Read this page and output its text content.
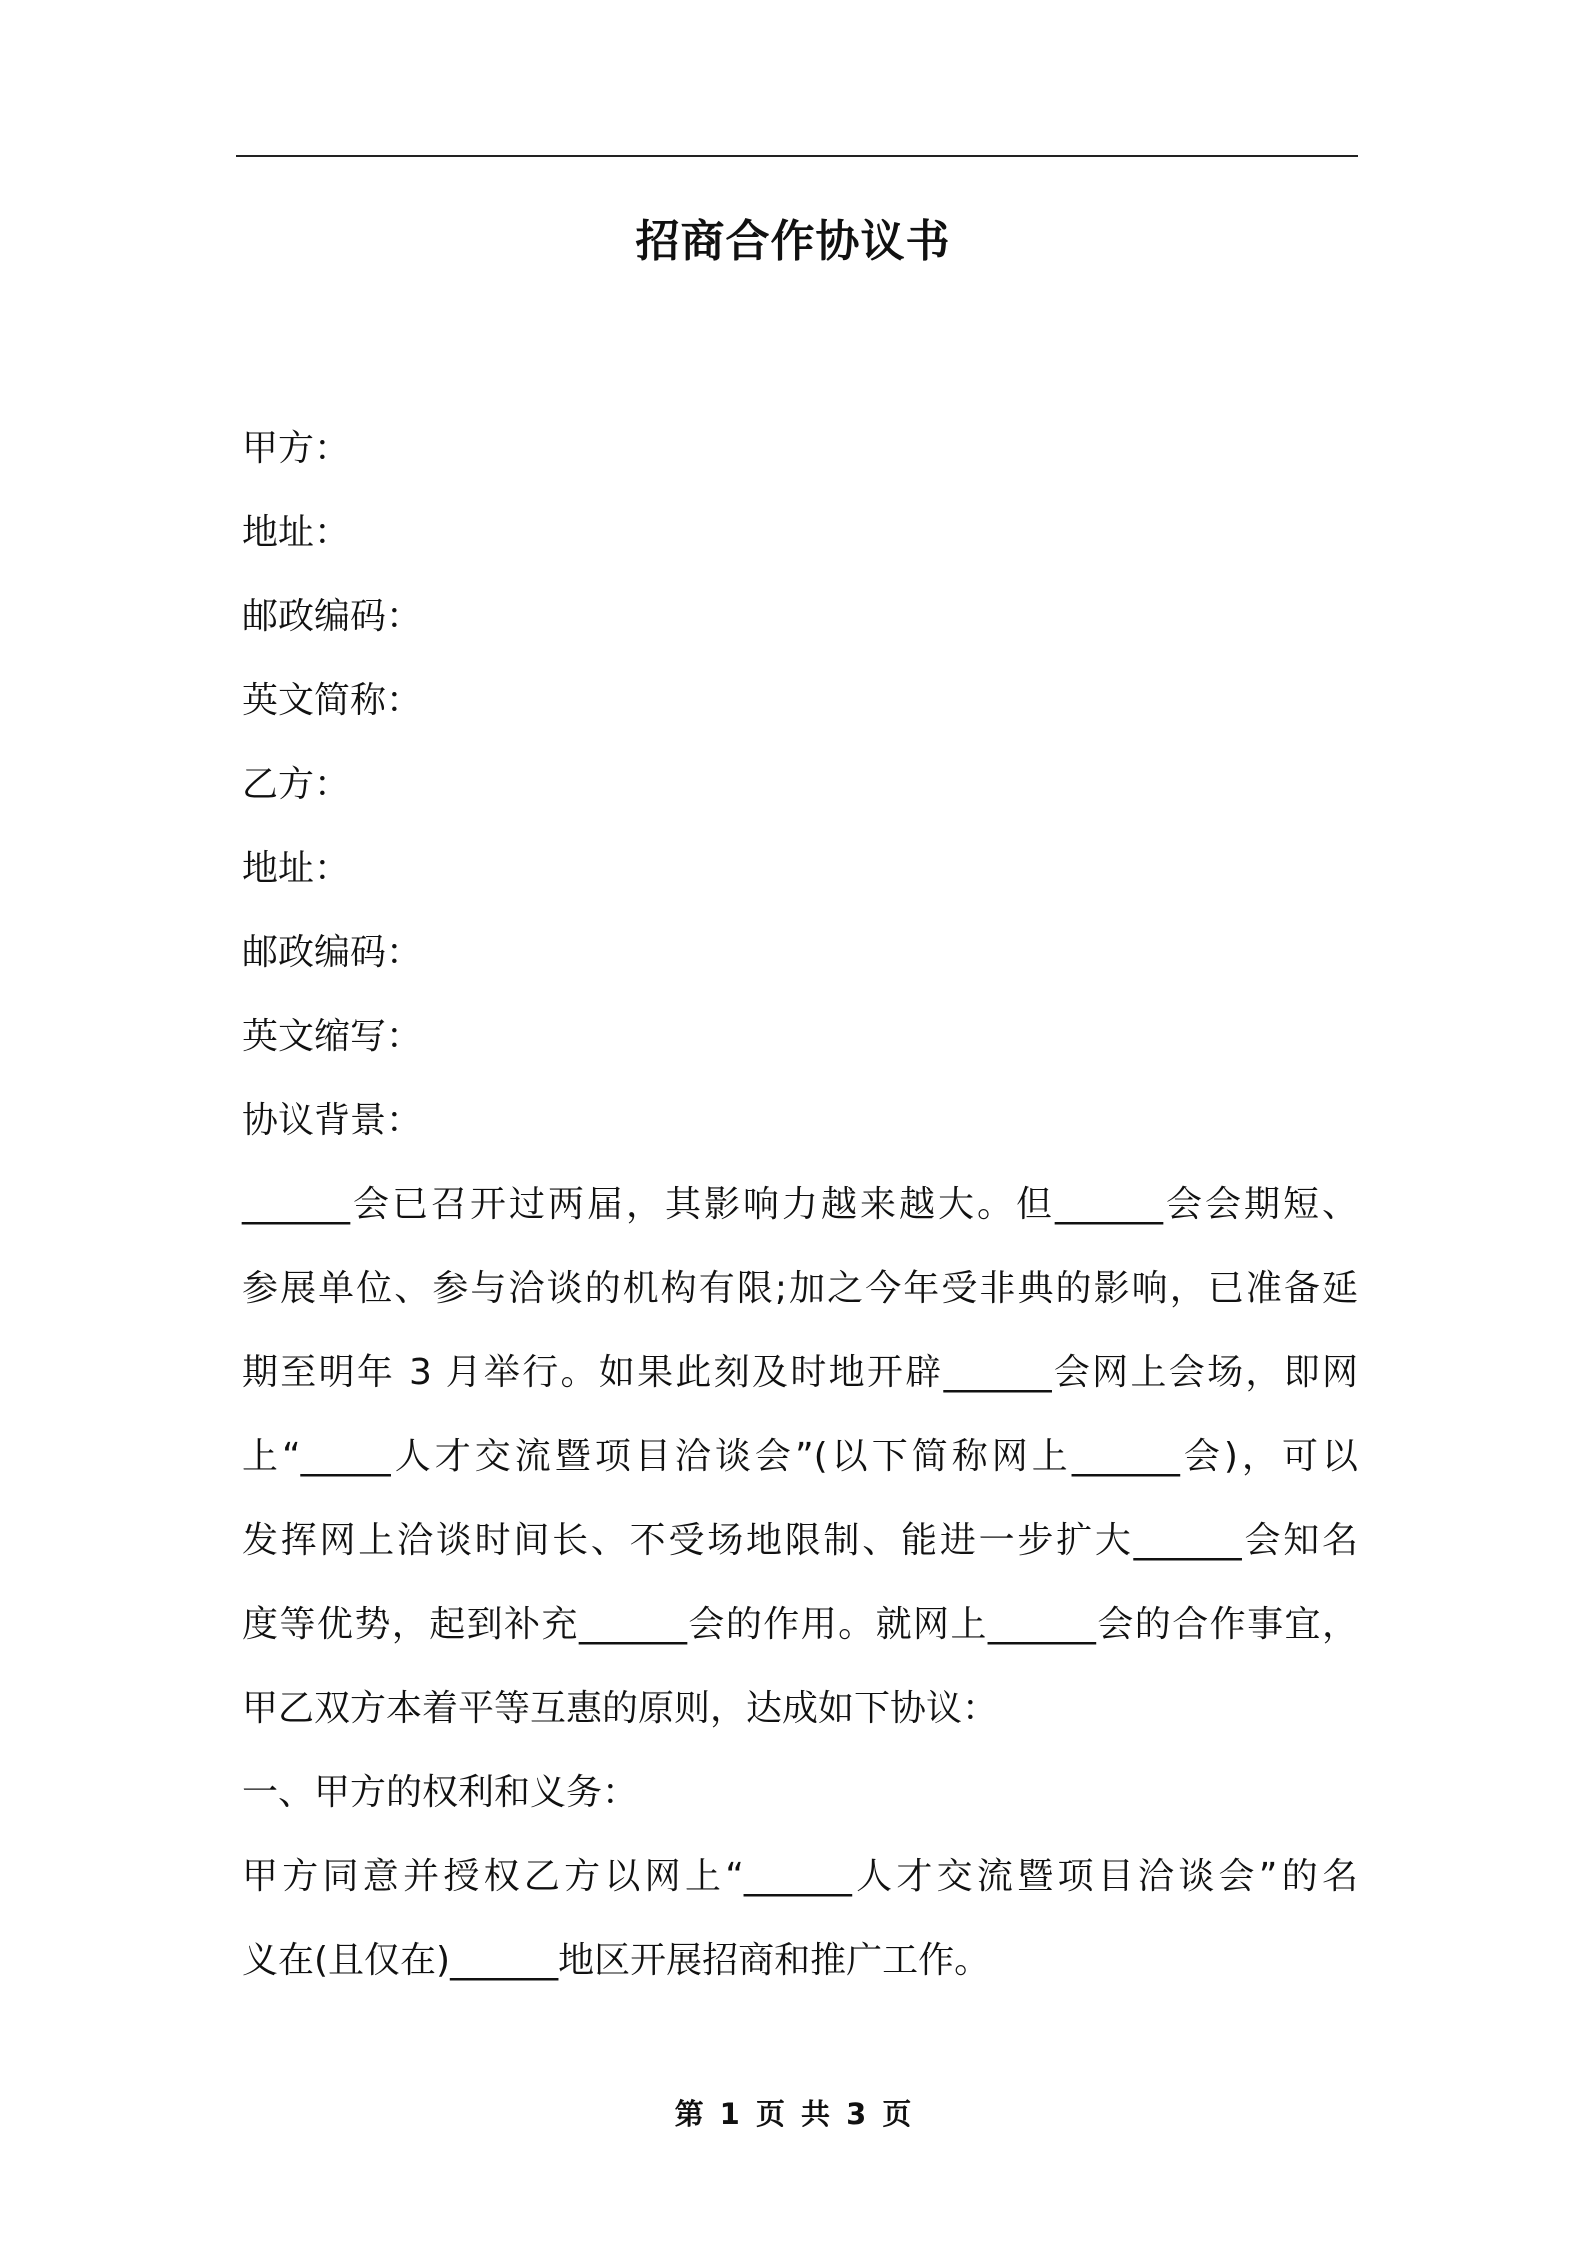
招商合作协议书
甲方：
地址：
邮政编码：
英文简称：
乙方：
地址：
邮政编码：
英文缩写：
协议背景：
______会已召开过两届，其影响力越来越大。但______会会期短、
参展单位、参与洽谈的机构有限;加之今年受非典的影响，已准备延
期至明年 3 月举行。如果此刻及时地开辟______会网上会场，即网
上“_____人才交流暨项目洽谈会”(以下简称网上______会)，可以
发挥网上洽谈时间长、不受场地限制、能进一步扩大______会知名
度等优势，起到补充______会的作用。就网上______会的合作事宜，
甲乙双方本着平等互惠的原则，达成如下协议：
一、甲方的权利和义务：
甲方同意并授权乙方以网上“______人才交流暨项目洽谈会”的名
义在(且仅在)______地区开展招商和推广工作。
第 1 页 共 3 页
